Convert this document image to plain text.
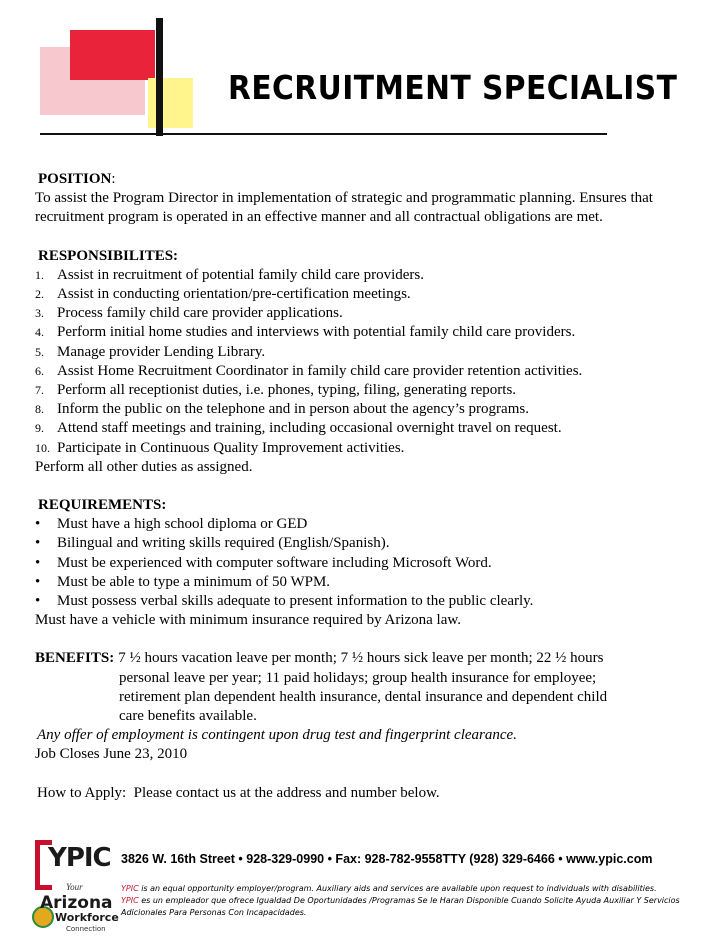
RECRUITMENT SPECIALIST

POSITION:

To assist the Program Director in implementation of strategic and programmatic planning. Ensures that recruitment program is operated in an effective manner and all contractual obligations are met.

RESPONSIBILITES:

1. Assist in recruitment of potential family child care providers.
2. Assist in conducting orientation/pre-certification meetings.
3. Process family child care provider applications.
4. Perform initial home studies and interviews with potential family child care providers.
5. Manage provider Lending Library.
6. Assist Home Recruitment Coordinator in family child care provider retention activities.
7. Perform all receptionist duties, i.e. phones, typing, filing, generating reports.
8. Inform the public on the telephone and in person about the agency’s programs.
9. Attend staff meetings and training, including occasional overnight travel on request.
10. Participate in Continuous Quality Improvement activities.

Perform all other duties as assigned.

REQUIREMENTS:

• Must have a high school diploma or GED
• Bilingual and writing skills required (English/Spanish).
• Must be experienced with computer software including Microsoft Word.
• Must be able to type a minimum of 50 WPM.
• Must possess verbal skills adequate to present information to the public clearly.

Must have a vehicle with minimum insurance required by Arizona law.

BENEFITS: 7 ½ hours vacation leave per month; 7 ½ hours sick leave per month; 22 ½ hours

personal leave per year; 11 paid holidays; group health insurance for employee;

retirement plan dependent health insurance, dental insurance and dependent child

care benefits available.

Any offer of employment is contingent upon drug test and fingerprint clearance.

Job Closes June 23, 2010

How to Apply:  Please contact us at the address and number below.

YPIC
Your
Arizona
Workforce
Connection
3826 W. 16th Street • 928-329-0990 • Fax: 928-782-9558TTY (928) 329-6466 • www.ypic.com
YPIC is an equal opportunity employer/program. Auxiliary aids and services are available upon request to individuals with disabilities.
YPIC es un empleador que ofrece Igualdad De Oportunidades /Programas Se le Haran Disponible Cuando Solicite Ayuda Auxiliar Y Servicios Adicionales Para Personas Con Incapacidades.
